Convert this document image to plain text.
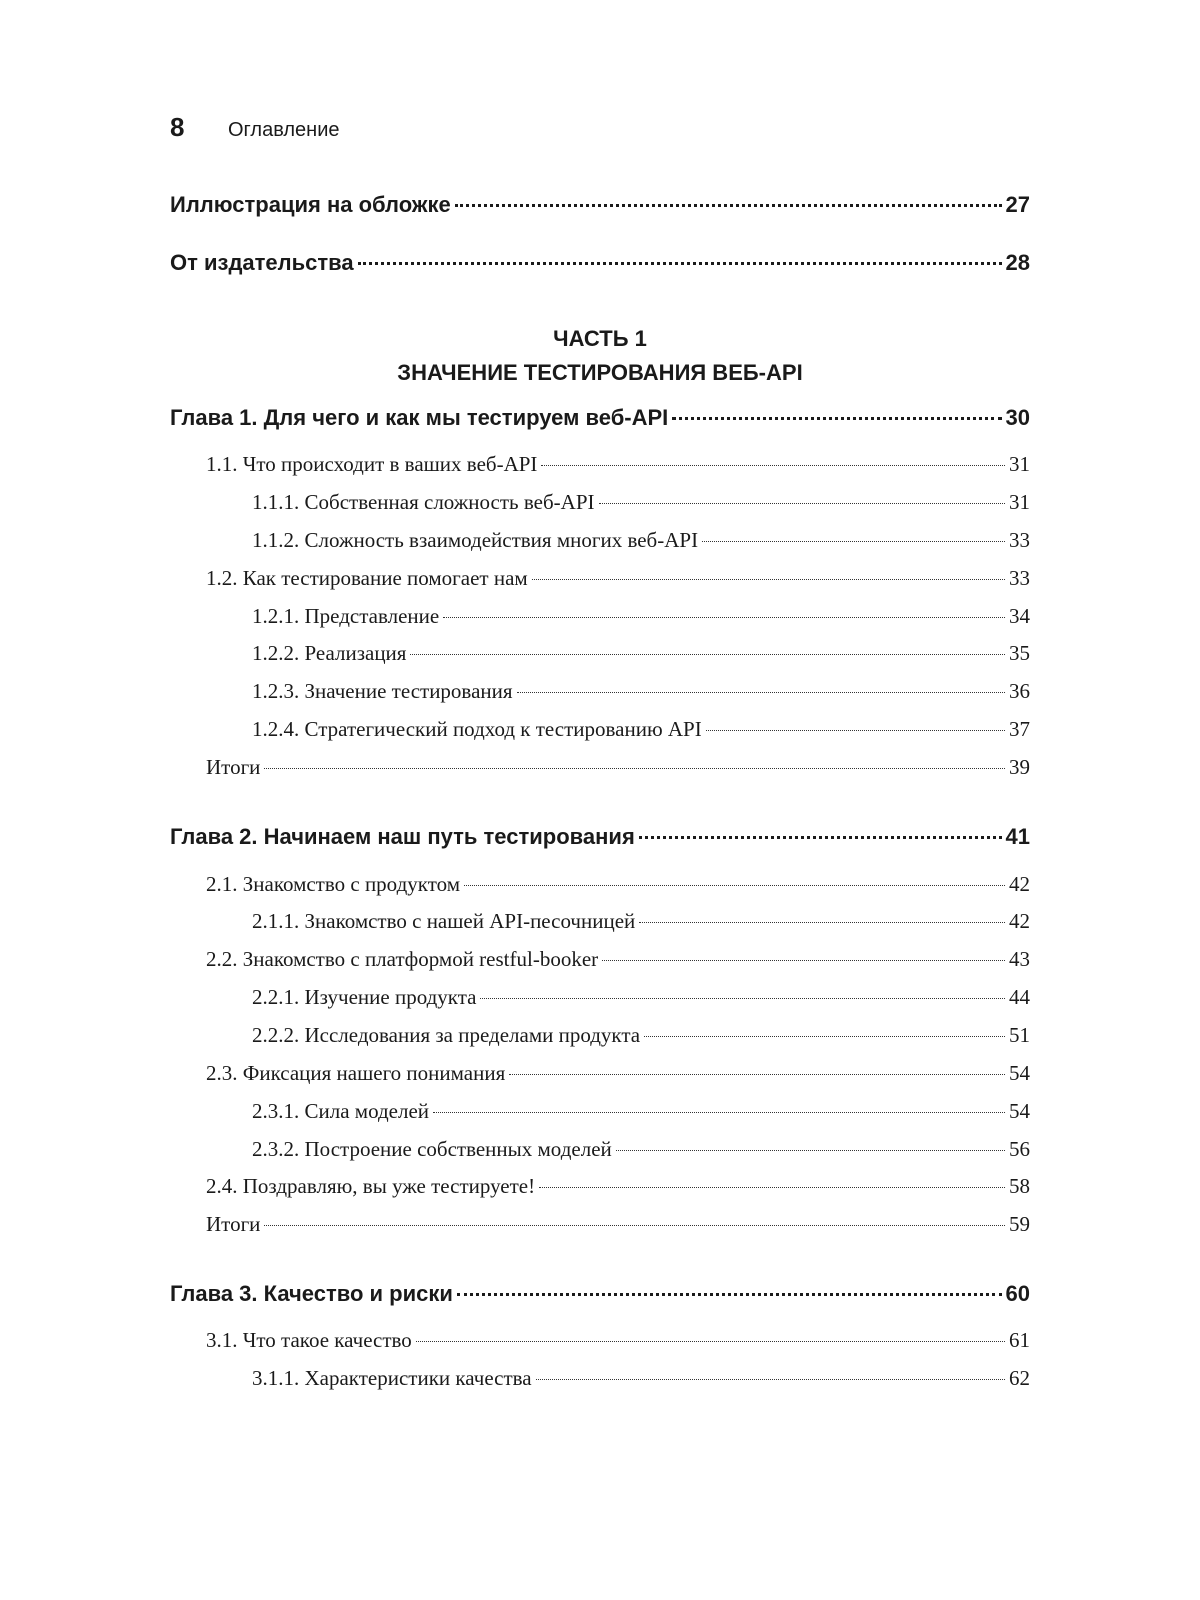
8	Оглавление
Иллюстрация на обложке	27
От издательства	28
ЧАСТЬ 1
ЗНАЧЕНИЕ ТЕСТИРОВАНИЯ ВЕБ-API
Глава 1. Для чего и как мы тестируем веб-API	30
1.1. Что происходит в ваших веб-API	31
1.1.1. Собственная сложность веб-API	31
1.1.2. Сложность взаимодействия многих веб-API	33
1.2. Как тестирование помогает нам	33
1.2.1. Представление	34
1.2.2. Реализация	35
1.2.3. Значение тестирования	36
1.2.4. Стратегический подход к тестированию API	37
Итоги	39
Глава 2. Начинаем наш путь тестирования	41
2.1. Знакомство с продуктом	42
2.1.1. Знакомство с нашей API-песочницей	42
2.2. Знакомство с платформой restful-booker	43
2.2.1. Изучение продукта	44
2.2.2. Исследования за пределами продукта	51
2.3. Фиксация нашего понимания	54
2.3.1. Сила моделей	54
2.3.2. Построение собственных моделей	56
2.4. Поздравляю, вы уже тестируете!	58
Итоги	59
Глава 3. Качество и риски	60
3.1. Что такое качество	61
3.1.1. Характеристики качества	62
